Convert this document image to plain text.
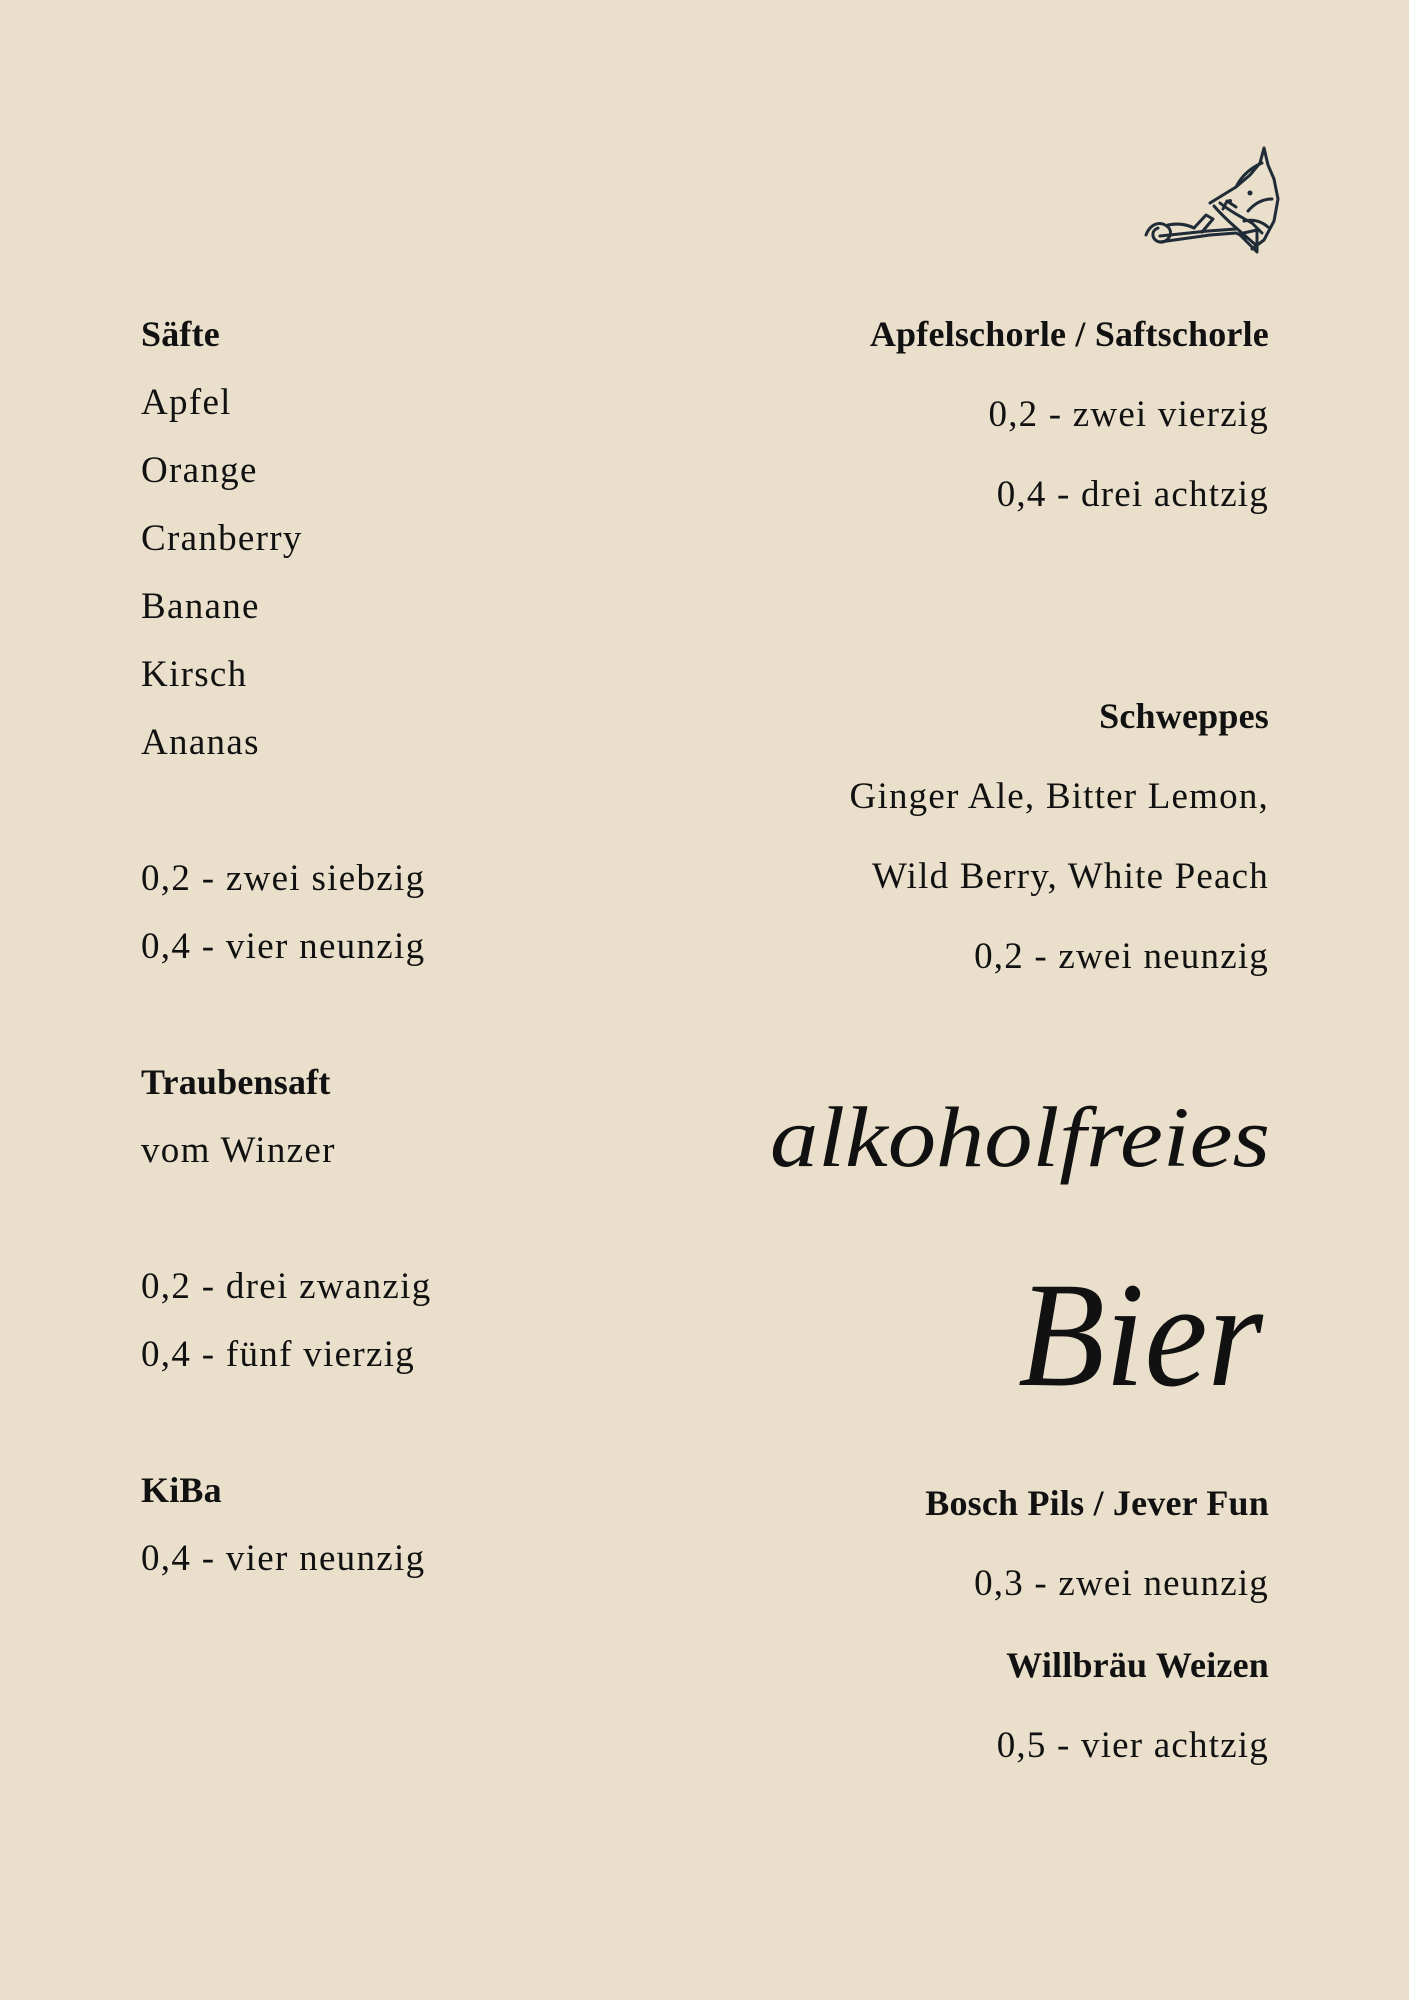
Säfte
Apfel
Orange
Cranberry
Banane
Kirsch
Ananas
0,2 - zwei siebzig
0,4 - vier neunzig
Traubensaft
vom Winzer
0,2 - drei zwanzig
0,4 - fünf vierzig
KiBa
0,4 - vier neunzig
Apfelschorle / Saftschorle
0,2 - zwei vierzig
0,4 - drei achtzig
Schweppes
Ginger Ale, Bitter Lemon,
Wild Berry, White Peach
0,2 - zwei neunzig
alkoholfreies
Bier
Bosch Pils / Jever Fun
0,3 - zwei neunzig
Willbräu Weizen
0,5 - vier achtzig
